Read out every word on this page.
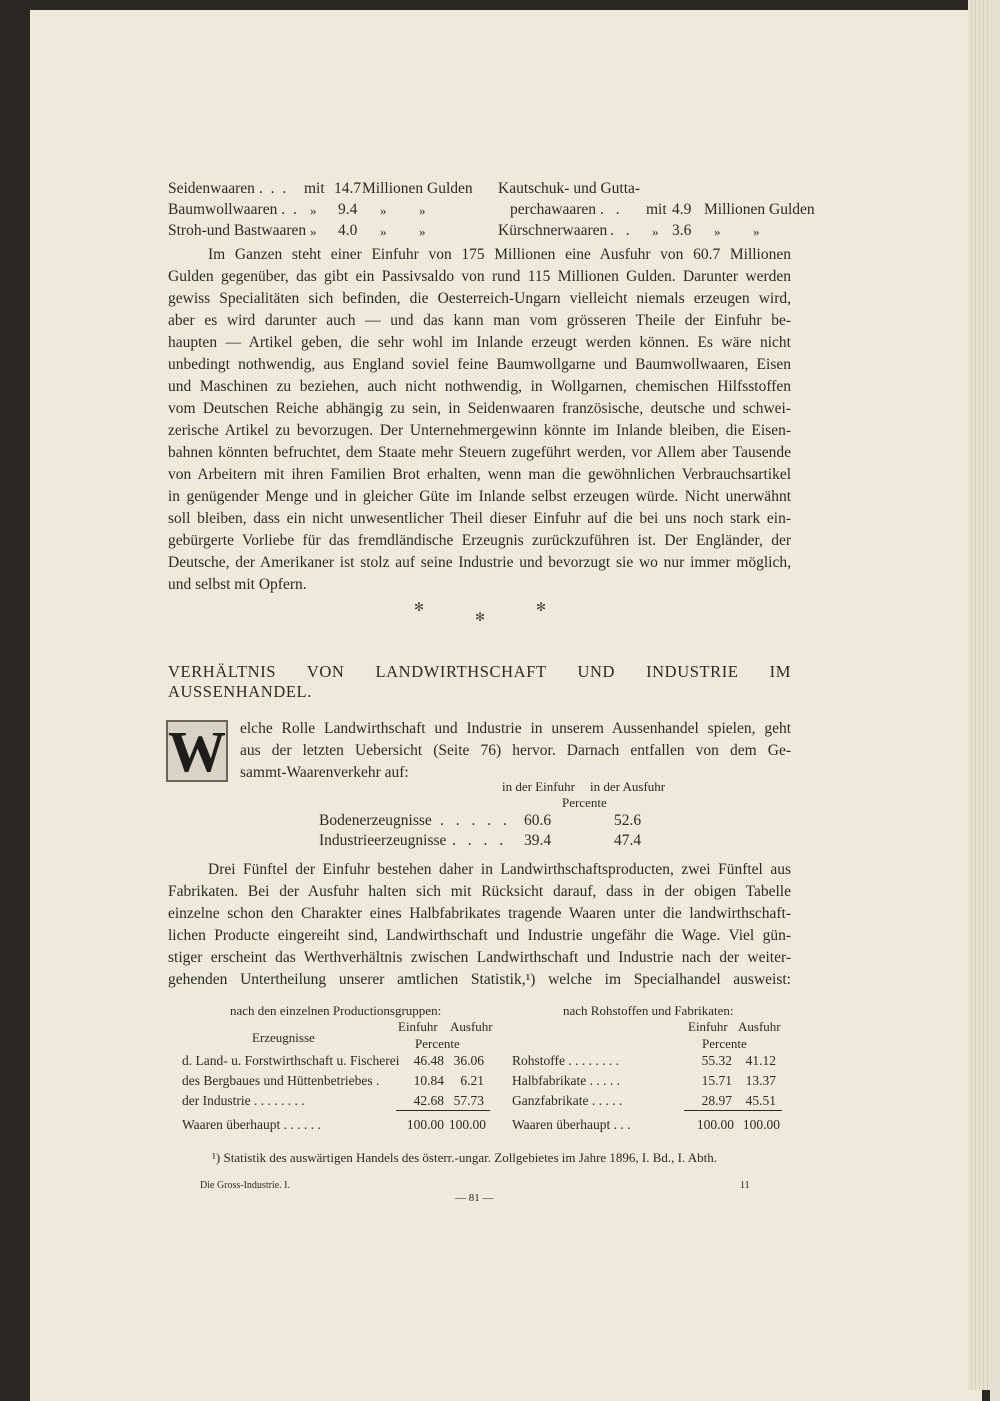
Seidenwaaren . . . mit 14.7 Millionen Gulden
Baumwollwaaren . . » 9.4 »          »
Stroh-und Bastwaaren » 4.0 »          »
Kautschuk- und Gutta-
perchawaaren . . mit 4.9 Millionen Gulden
Kürschnerwaaren . . » 3.6 »          »
Im Ganzen steht einer Einfuhr von 175 Millionen eine Ausfuhr von 60.7 Millionen
Gulden gegenüber, das gibt ein Passivsaldo von rund 115 Millionen Gulden. Darunter werden
gewiss Specialitäten sich befinden, die Oesterreich-Ungarn vielleicht niemals erzeugen wird,
aber es wird darunter auch — und das kann man vom grösseren Theile der Einfuhr be-
haupten — Artikel geben, die sehr wohl im Inlande erzeugt werden können. Es wäre nicht
unbedingt nothwendig, aus England soviel feine Baumwollgarne und Baumwollwaaren, Eisen
und Maschinen zu beziehen, auch nicht nothwendig, in Wollgarnen, chemischen Hilfsstoffen
vom Deutschen Reiche abhängig zu sein, in Seidenwaaren französische, deutsche und schwei-
zerische Artikel zu bevorzugen. Der Unternehmergewinn könnte im Inlande bleiben, die Eisen-
bahnen könnten befruchtet, dem Staate mehr Steuern zugeführt werden, vor Allem aber Tausende
von Arbeitern mit ihren Familien Brot erhalten, wenn man die gewöhnlichen Verbrauchsartikel
in genügender Menge und in gleicher Güte im Inlande selbst erzeugen würde. Nicht unerwähnt
soll bleiben, dass ein nicht unwesentlicher Theil dieser Einfuhr auf die bei uns noch stark ein-
gebürgerte Vorliebe für das fremdländische Erzeugnis zurückzuführen ist. Der Engländer, der
Deutsche, der Amerikaner ist stolz auf seine Industrie und bevorzugt sie wo nur immer möglich,
und selbst mit Opfern.
✻
✻
✻
VERHÄLTNIS VON LANDWIRTHSCHAFT UND INDUSTRIE IM AUSSENHANDEL.
W elche Rolle Landwirthschaft und Industrie in unserem Aussenhandel spielen, geht
aus der letzten Uebersicht (Seite 76) hervor. Darnach entfallen von dem Ge-
sammt-Waarenverkehr auf:
in der Einfuhr in der Ausfuhr
Percente
Bodenerzeugnisse . . . . . 60.6	52.6
Industrieerzeugnisse . . . . 39.4	47.4
Drei Fünftel der Einfuhr bestehen daher in Landwirthschaftsproducten, zwei Fünftel aus
Fabrikaten. Bei der Ausfuhr halten sich mit Rücksicht darauf, dass in der obigen Tabelle
einzelne schon den Charakter eines Halbfabrikates tragende Waaren unter die landwirthschaft-
lichen Producte eingereiht sind, Landwirthschaft und Industrie ungefähr die Wage. Viel gün-
stiger erscheint das Werthverhältnis zwischen Landwirthschaft und Industrie nach der weiter-
gehenden Untertheilung unserer amtlichen Statistik,¹) welche im Specialhandel ausweist:
nach den einzelnen Productionsgruppen:	nach Rohstoffen und Fabrikaten:
Erzeugnisse
Einfuhr Ausfuhr
Percente
Einfuhr Ausfuhr
Percente
d. Land- u. Forstwirthschaft u. Fischerei	46.48 36.06
des Bergbaues und Hüttenbetriebes .	10.84	6.21
der Industrie . . . . . . . .	42.68 57.73
Waaren überhaupt . . . . . .	100.00 100.00
Rohstoffe . . . . . . . .	55.32	41.12
Halbfabrikate . . . . .	15.71	13.37
Ganzfabrikate . . . . .	28.97	45.51
Waaren überhaupt . . .	100.00 100.00
¹) Statistik des auswärtigen Handels des österr.-ungar. Zollgebietes im Jahre 1896, I. Bd., I. Abth.
Die Gross-Industrie. I.	11
— 81 —
